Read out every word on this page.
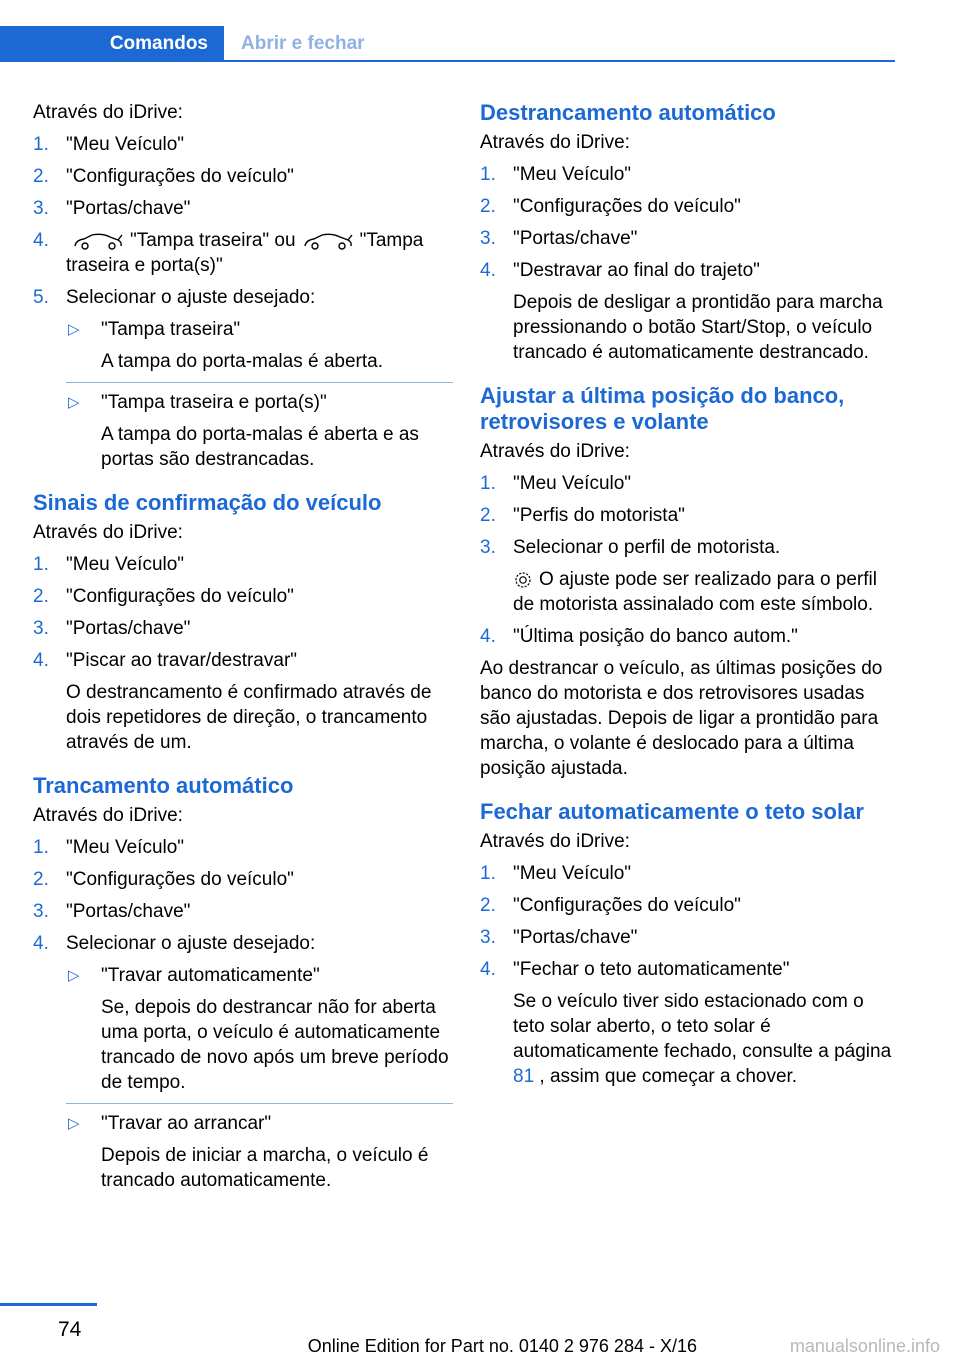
Comandos	Abrir e fechar

Através do iDrive:

1. "Meu Veículo"
2. "Configurações do veículo"
3. "Portas/chave"
4.	"Tampa traseira" ou	"Tampa traseira e porta(s)"
5. Selecionar o ajuste desejado:
▷ "Tampa traseira"
A tampa do porta-malas é aberta.
▷ "Tampa traseira e porta(s)"
A tampa do porta-malas é aberta e as portas são destrancadas.
Sinais de confirmação do veículo

Através do iDrive:

1. "Meu Veículo"
2. "Configurações do veículo"
3. "Portas/chave"
4. "Piscar ao travar/destravar"
O destrancamento é confirmado através de dois repetidores de direção, o trancamento através de um.
Trancamento automático

Através do iDrive:

1. "Meu Veículo"
2. "Configurações do veículo"
3. "Portas/chave"
4. Selecionar o ajuste desejado:
▷ "Travar automaticamente"
Se, depois do destrancar não for aberta uma porta, o veículo é automaticamente trancado de novo após um breve período de tempo.
▷ "Travar ao arrancar"
Depois de iniciar a marcha, o veículo é trancado automaticamente.
Destrancamento automático

Através do iDrive:

1. "Meu Veículo"
2. "Configurações do veículo"
3. "Portas/chave"
4. "Destravar ao final do trajeto"
Depois de desligar a prontidão para marcha pressionando o botão Start/Stop, o veículo trancado é automaticamente destrancado.
Ajustar a última posição do banco, retrovisores e volante

Através do iDrive:

1. "Meu Veículo"
2. "Perfis do motorista"
3. Selecionar o perfil de motorista.
O ajuste pode ser realizado para o perfil de motorista assinalado com este símbolo.
4. "Última posição do banco autom."

Ao destrancar o veículo, as últimas posições do banco do motorista e dos retrovisores usadas são ajustadas. Depois de ligar a prontidão para marcha, o volante é deslocado para a última posição ajustada.

Fechar automaticamente o teto solar

Através do iDrive:

1. "Meu Veículo"
2. "Configurações do veículo"
3. "Portas/chave"
4. "Fechar o teto automaticamente"
Se o veículo tiver sido estacionado com o teto solar aberto, o teto solar é automaticamente fechado, consulte a página 81 , assim que começar a chover.
74
Online Edition for Part no. 0140 2 976 284 - X/16	manualsonline.info
